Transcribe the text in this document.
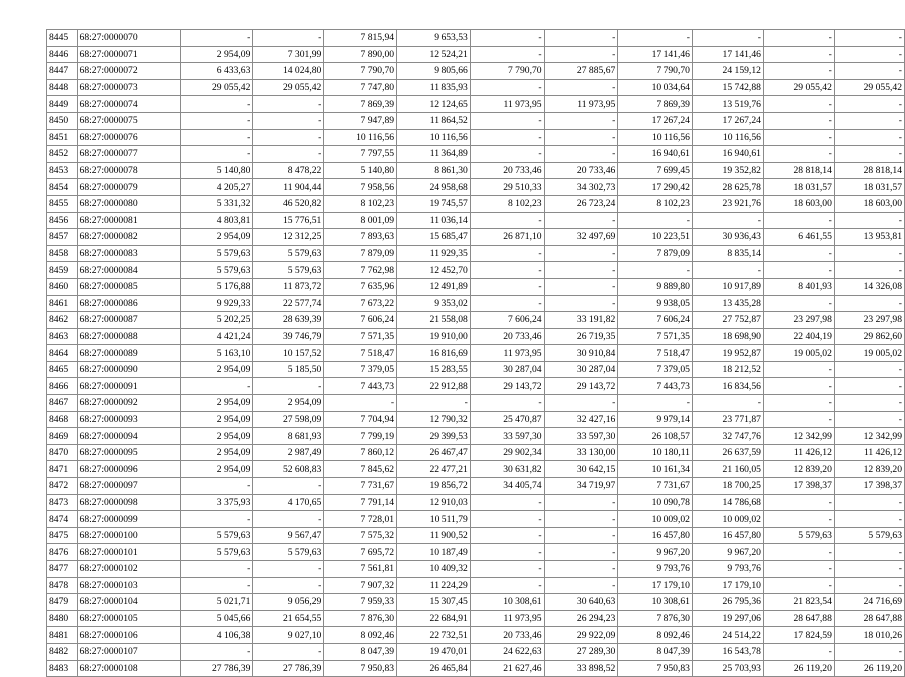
8445	68:27:0000070	-	-	7 815,94	9 653,53	-	-	-	-	-	-
8446	68:27:0000071	2 954,09	7 301,99	7 890,00	12 524,21	-	-	17 141,46	17 141,46	-	-
8447	68:27:0000072	6 433,63	14 024,80	7 790,70	9 805,66	7 790,70	27 885,67	7 790,70	24 159,12	-	-
8448	68:27:0000073	29 055,42	29 055,42	7 747,80	11 835,93	-	-	10 034,64	15 742,88	29 055,42	29 055,42
8449	68:27:0000074	-	-	7 869,39	12 124,65	11 973,95	11 973,95	7 869,39	13 519,76	-	-
8450	68:27:0000075	-	-	7 947,89	11 864,52	-	-	17 267,24	17 267,24	-	-
8451	68:27:0000076	-	-	10 116,56	10 116,56	-	-	10 116,56	10 116,56	-	-
8452	68:27:0000077	-	-	7 797,55	11 364,89	-	-	16 940,61	16 940,61	-	-
8453	68:27:0000078	5 140,80	8 478,22	5 140,80	8 861,30	20 733,46	20 733,46	7 699,45	19 352,82	28 818,14	28 818,14
8454	68:27:0000079	4 205,27	11 904,44	7 958,56	24 958,68	29 510,33	34 302,73	17 290,42	28 625,78	18 031,57	18 031,57
8455	68:27:0000080	5 331,32	46 520,82	8 102,23	19 745,57	8 102,23	26 723,24	8 102,23	23 921,76	18 603,00	18 603,00
8456	68:27:0000081	4 803,81	15 776,51	8 001,09	11 036,14	-	-	-	-	-	-
8457	68:27:0000082	2 954,09	12 312,25	7 893,63	15 685,47	26 871,10	32 497,69	10 223,51	30 936,43	6 461,55	13 953,81
8458	68:27:0000083	5 579,63	5 579,63	7 879,09	11 929,35	-	-	7 879,09	8 835,14	-	-
8459	68:27:0000084	5 579,63	5 579,63	7 762,98	12 452,70	-	-	-	-	-	-
8460	68:27:0000085	5 176,88	11 873,72	7 635,96	12 491,89	-	-	9 889,80	10 917,89	8 401,93	14 326,08
8461	68:27:0000086	9 929,33	22 577,74	7 673,22	9 353,02	-	-	9 938,05	13 435,28	-	-
8462	68:27:0000087	5 202,25	28 639,39	7 606,24	21 558,08	7 606,24	33 191,82	7 606,24	27 752,87	23 297,98	23 297,98
8463	68:27:0000088	4 421,24	39 746,79	7 571,35	19 910,00	20 733,46	26 719,35	7 571,35	18 698,90	22 404,19	29 862,60
8464	68:27:0000089	5 163,10	10 157,52	7 518,47	16 816,69	11 973,95	30 910,84	7 518,47	19 952,87	19 005,02	19 005,02
8465	68:27:0000090	2 954,09	5 185,50	7 379,05	15 283,55	30 287,04	30 287,04	7 379,05	18 212,52	-	-
8466	68:27:0000091	-	-	7 443,73	22 912,88	29 143,72	29 143,72	7 443,73	16 834,56	-	-
8467	68:27:0000092	2 954,09	2 954,09	-	-	-	-	-	-	-	-
8468	68:27:0000093	2 954,09	27 598,09	7 704,94	12 790,32	25 470,87	32 427,16	9 979,14	23 771,87	-	-
8469	68:27:0000094	2 954,09	8 681,93	7 799,19	29 399,53	33 597,30	33 597,30	26 108,57	32 747,76	12 342,99	12 342,99
8470	68:27:0000095	2 954,09	2 987,49	7 860,12	26 467,47	29 902,34	33 130,00	10 180,11	26 637,59	11 426,12	11 426,12
8471	68:27:0000096	2 954,09	52 608,83	7 845,62	22 477,21	30 631,82	30 642,15	10 161,34	21 160,05	12 839,20	12 839,20
8472	68:27:0000097	-	-	7 731,67	19 856,72	34 405,74	34 719,97	7 731,67	18 700,25	17 398,37	17 398,37
8473	68:27:0000098	3 375,93	4 170,65	7 791,14	12 910,03	-	-	10 090,78	14 786,68	-	-
8474	68:27:0000099	-	-	7 728,01	10 511,79	-	-	10 009,02	10 009,02	-	-
8475	68:27:0000100	5 579,63	9 567,47	7 575,32	11 900,52	-	-	16 457,80	16 457,80	5 579,63	5 579,63
8476	68:27:0000101	5 579,63	5 579,63	7 695,72	10 187,49	-	-	9 967,20	9 967,20	-	-
8477	68:27:0000102	-	-	7 561,81	10 409,32	-	-	9 793,76	9 793,76	-	-
8478	68:27:0000103	-	-	7 907,32	11 224,29	-	-	17 179,10	17 179,10	-	-
8479	68:27:0000104	5 021,71	9 056,29	7 959,33	15 307,45	10 308,61	30 640,63	10 308,61	26 795,36	21 823,54	24 716,69
8480	68:27:0000105	5 045,66	21 654,55	7 876,30	22 684,91	11 973,95	26 294,23	7 876,30	19 297,06	28 647,88	28 647,88
8481	68:27:0000106	4 106,38	9 027,10	8 092,46	22 732,51	20 733,46	29 922,09	8 092,46	24 514,22	17 824,59	18 010,26
8482	68:27:0000107	-	-	8 047,39	19 470,01	24 622,63	27 289,30	8 047,39	16 543,78	-	-
8483	68:27:0000108	27 786,39	27 786,39	7 950,83	26 465,84	21 627,46	33 898,52	7 950,83	25 703,93	26 119,20	26 119,20
